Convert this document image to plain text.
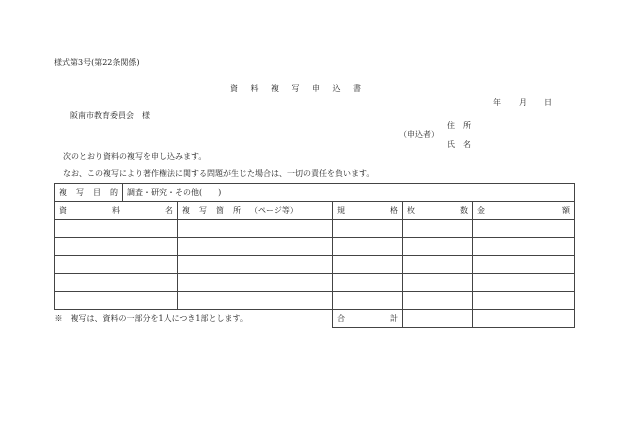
様式第3号(第22条関係)
資料複写申込書
年 月 日
阪南市教育委員会　様
住所
（申込者）
氏名
次のとおり資料の複写を申し込みます。
なお、この複写により著作権法に関する問題が生じた場合は、一切の責任を負います。
複写目的	調査・研究・その他(　　)				
資料名		複写箇所（ページ等）	規格	枚数	金額

※　複写は、資料の一部分を1人につき1部とします。			合計		
